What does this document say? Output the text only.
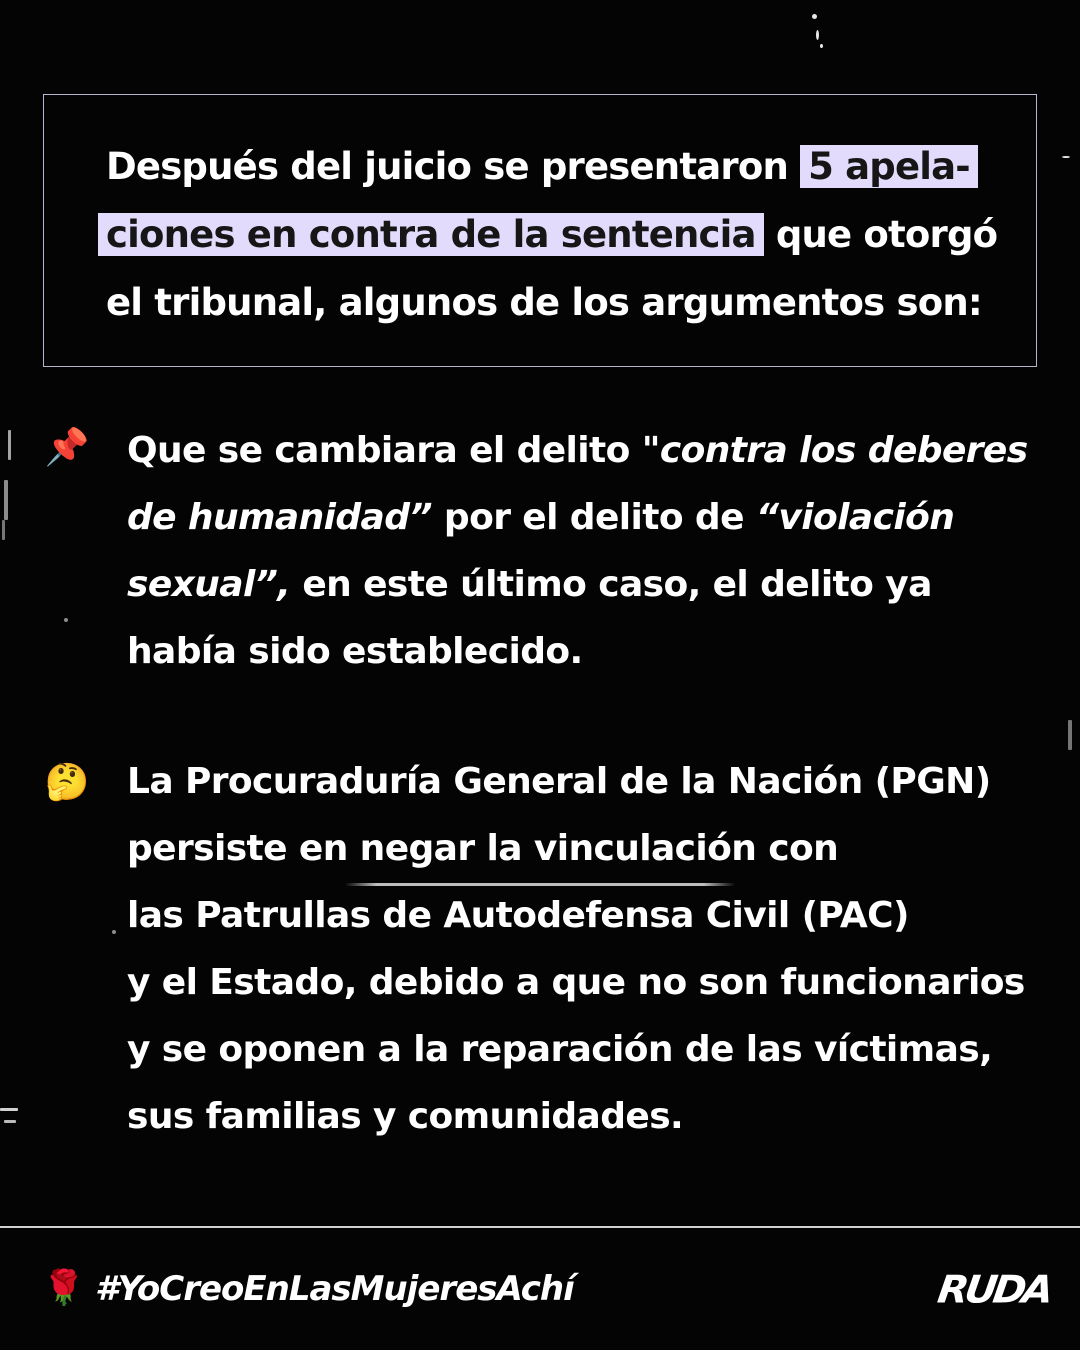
Después del juicio se presentaron 5 apela-
ciones en contra de la sentencia que otorgó
el tribunal, algunos de los argumentos son:
📌 Que se cambiara el delito "contra los deberes
de humanidad” por el delito de “violación
sexual”, en este último caso, el delito ya
había sido establecido.
🤔 La Procuraduría General de la Nación (PGN)
persiste en negar la vinculación con
las Patrullas de Autodefensa Civil (PAC)
y el Estado, debido a que no son funcionarios
y se oponen a la reparación de las víctimas,
sus familias y comunidades.
🌹 #YoCreoEnLasMujeresAchí	RUDA
